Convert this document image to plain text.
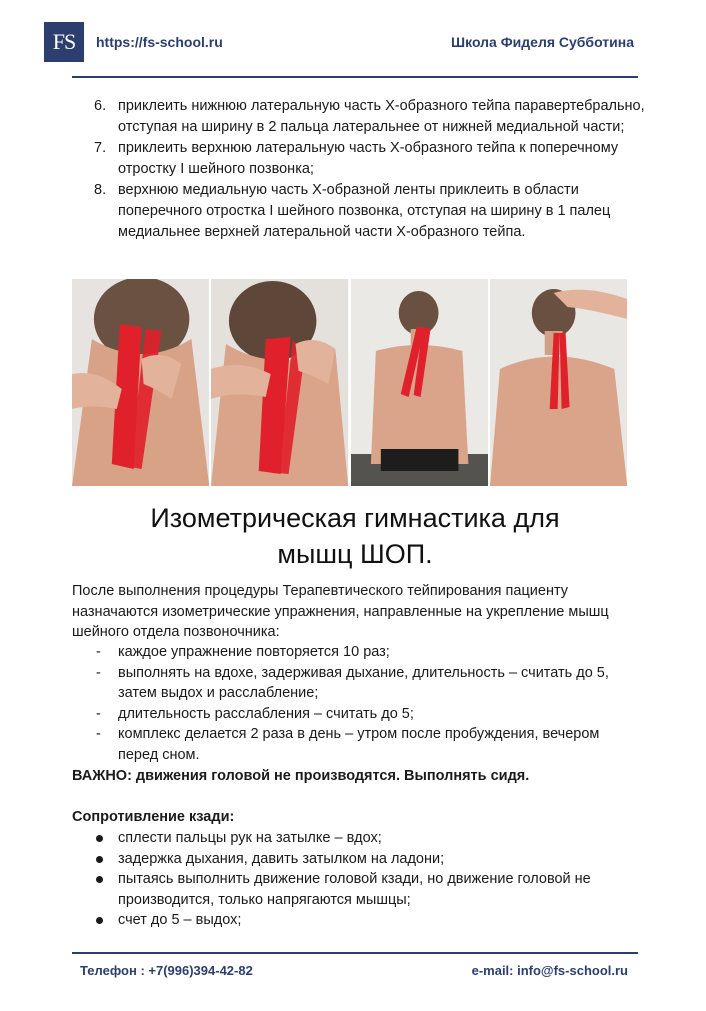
FS	https://fs-school.ru	Школа Фиделя Субботина
6. приклеить нижнюю латеральную часть Х-образного тейпа паравертебрально, отступая на ширину в 2 пальца латеральнее от нижней медиальной части;
7. приклеить верхнюю латеральную часть Х-образного тейпа к поперечному отростку I шейного позвонка;
8. верхнюю медиальную часть Х-образной ленты приклеить в области поперечного отростка I шейного позвонка, отступая на ширину в 1 палец медиальнее верхней латеральной части Х-образного тейпа.
Изометрическая гимнастика для
мышц ШОП.

После выполнения процедуры Терапевтического тейпирования пациенту назначаются изометрические упражнения, направленные на укрепление мышц шейного отдела позвоночника:

- каждое упражнение повторяется 10 раз;
- выполнять на вдохе, задерживая дыхание, длительность – считать до 5, затем выдох и расслабление;
- длительность расслабления – считать до 5;
- комплекс делается 2 раза в день – утром после пробуждения, вечером перед сном.
ВАЖНО: движения головой не производятся. Выполнять сидя.
Сопротивление кзади:
сплести пальцы рук на затылке – вдох;
задержка дыхания, давить затылком на ладони;
пытаясь выполнить движение головой кзади, но движение головой не производится, только напрягаются мышцы;
счет до 5 – выдох;
Телефон : +7(996)394-42-82	e-mail: info@fs-school.ru
